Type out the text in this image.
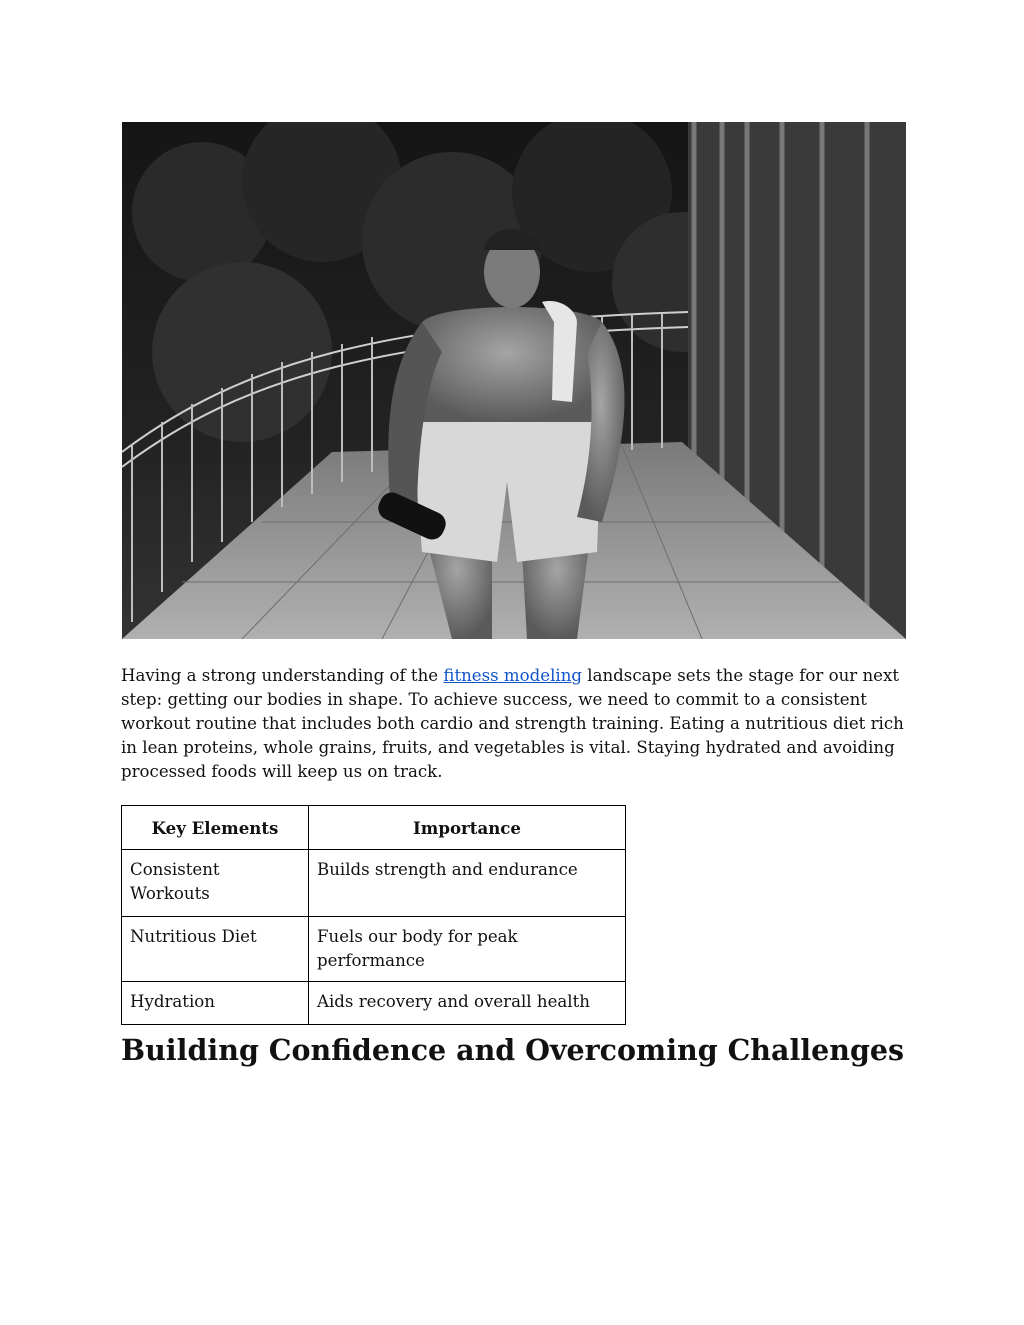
Having a strong understanding of the fitness modeling landscape sets the stage for our next step: getting our bodies in shape. To achieve success, we need to commit to a consistent workout routine that includes both cardio and strength training. Eating a nutritious diet rich in lean proteins, whole grains, fruits, and vegetables is vital. Staying hydrated and avoiding processed foods will keep us on track.

Key Elements	Importance
Consistent Workouts	Builds strength and endurance
Nutritious Diet	Fuels our body for peak performance
Hydration	Aids recovery and overall health
Building Confidence and Overcoming Challenges
